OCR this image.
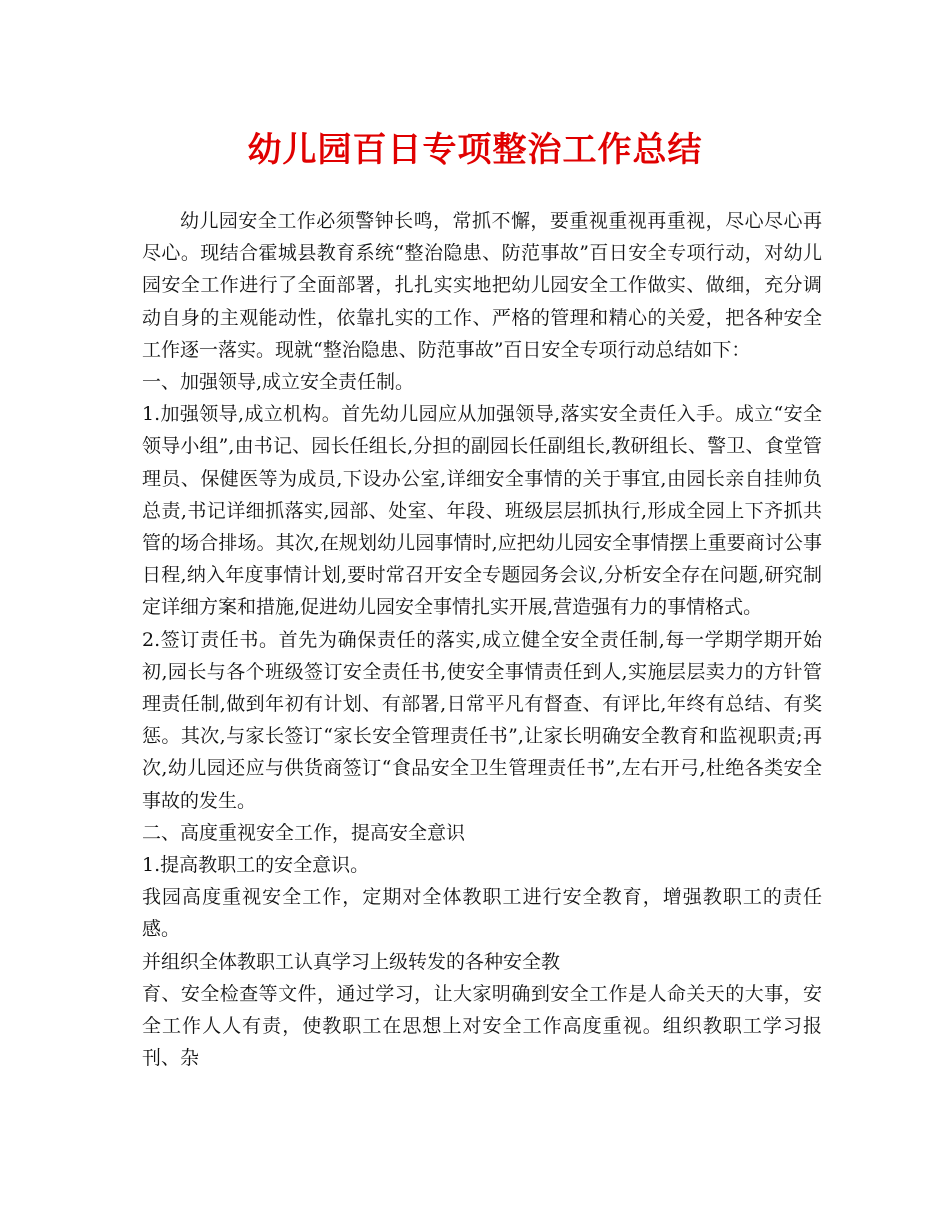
幼儿园百日专项整治工作总结

幼儿园安全工作必须警钟长鸣，常抓不懈，要重视重视再重视，尽心尽心再尽心。现结合霍城县教育系统“整治隐患、防范事故”百日安全专项行动，对幼儿园安全工作进行了全面部署，扎扎实实地把幼儿园安全工作做实、做细，充分调动自身的主观能动性，依靠扎实的工作、严格的管理和精心的关爱，把各种安全工作逐一落实。现就“整治隐患、防范事故”百日安全专项行动总结如下：

一、加强领导,成立安全责任制。

1.加强领导,成立机构。首先幼儿园应从加强领导,落实安全责任入手。成立“安全领导小组”,由书记、园长任组长,分担的副园长任副组长,教研组长、警卫、食堂管理员、保健医等为成员,下设办公室,详细安全事情的关于事宜,由园长亲自挂帅负总责,书记详细抓落实,园部、处室、年段、班级层层抓执行,形成全园上下齐抓共管的场合排场。其次,在规划幼儿园事情时,应把幼儿园安全事情摆上重要商讨公事日程,纳入年度事情计划,要时常召开安全专题园务会议,分析安全存在问题,研究制定详细方案和措施,促进幼儿园安全事情扎实开展,营造强有力的事情格式。

2.签订责任书。首先为确保责任的落实,成立健全安全责任制,每一学期学期开始初,园长与各个班级签订安全责任书,使安全事情责任到人,实施层层卖力的方针管理责任制,做到年初有计划、有部署,日常平凡有督查、有评比,年终有总结、有奖惩。其次,与家长签订“家长安全管理责任书”,让家长明确安全教育和监视职责;再次,幼儿园还应与供货商签订“食品安全卫生管理责任书”,左右开弓,杜绝各类安全事故的发生。

二、高度重视安全工作，提高安全意识

1.提高教职工的安全意识。

我园高度重视安全工作，定期对全体教职工进行安全教育，增强教职工的责任感。

并组织全体教职工认真学习上级转发的各种安全教

育、安全检查等文件，通过学习，让大家明确到安全工作是人命关天的大事，安全工作人人有责，使教职工在思想上对安全工作高度重视。组织教职工学习报刊、杂
